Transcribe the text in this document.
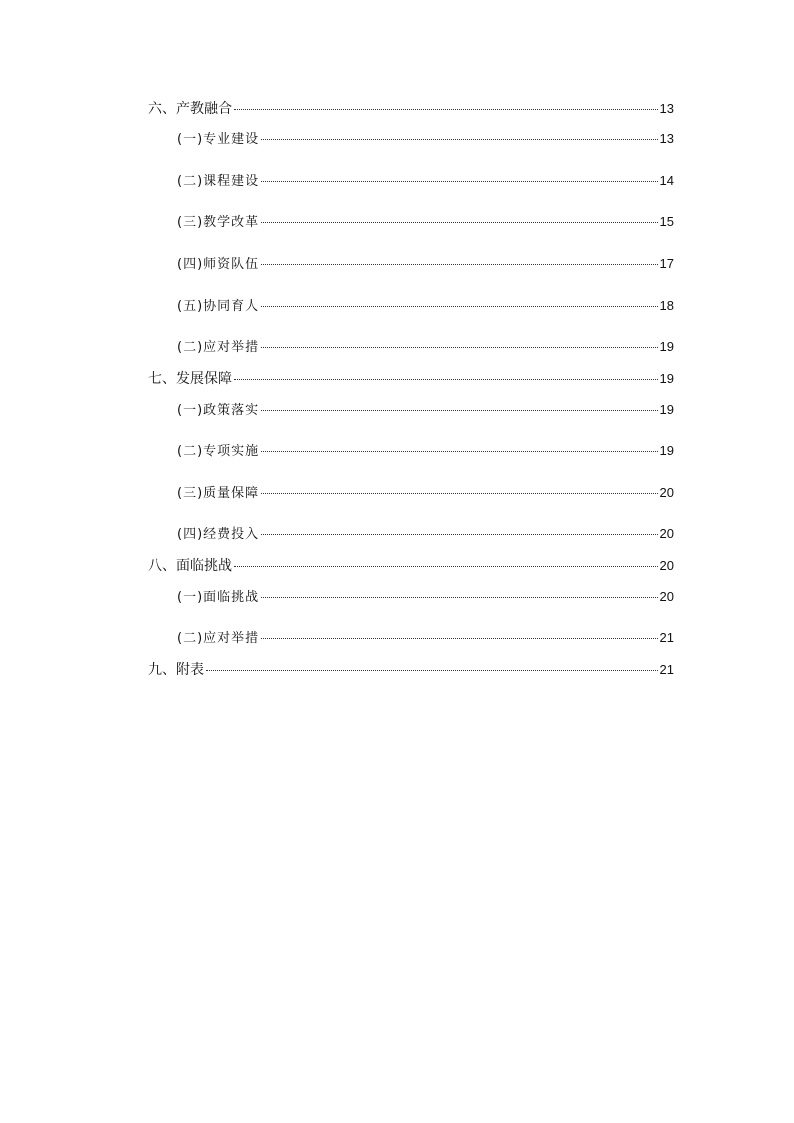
六、产教融合	13
(一)专业建设	13
(二)课程建设	14
(三)教学改革	15
(四)师资队伍	17
(五)协同育人	18
(二)应对举措	19
七、发展保障	19
(一)政策落实	19
(二)专项实施	19
(三)质量保障	20
(四)经费投入	20
八、面临挑战	20
(一)面临挑战	20
(二)应对举措	21
九、附表	21
